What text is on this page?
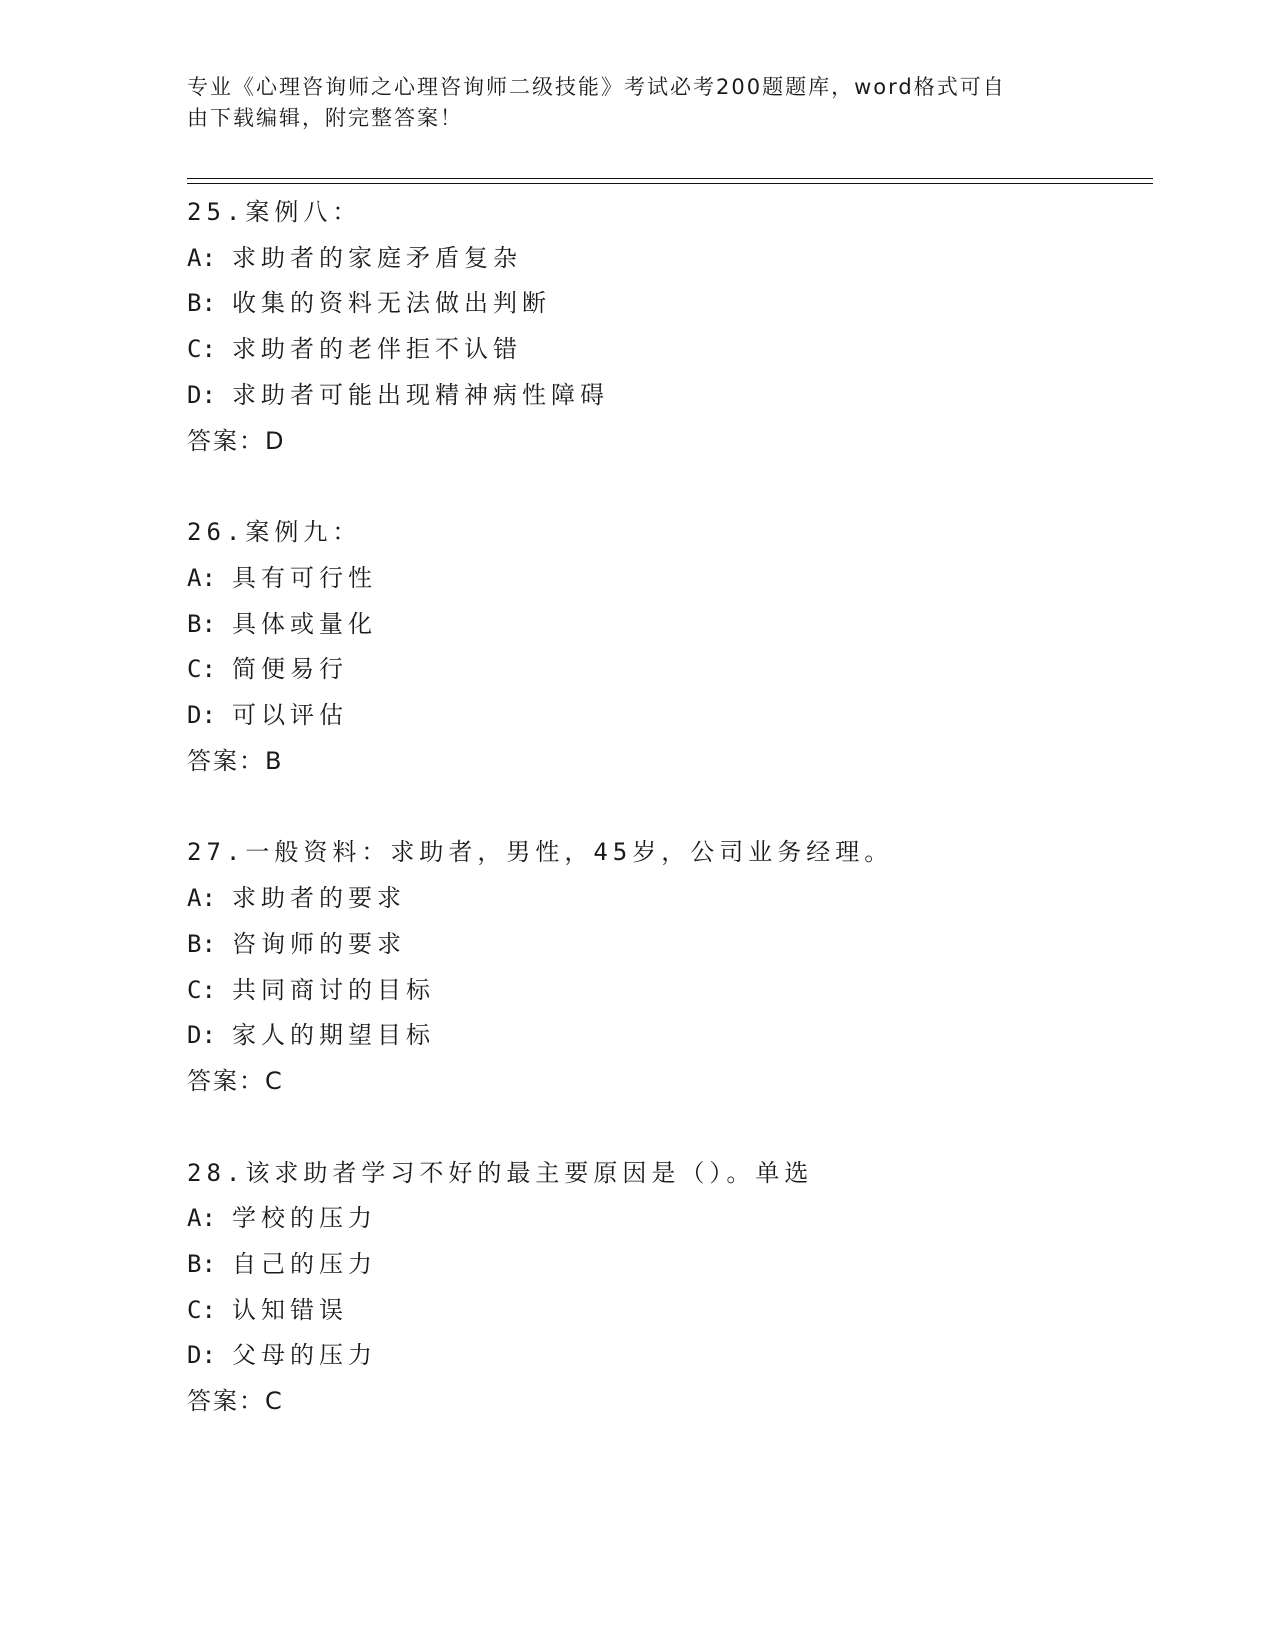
专业《心理咨询师之心理咨询师二级技能》考试必考200题题库，word格式可自
由下载编辑，附完整答案！
25.案例八：
A: 求助者的家庭矛盾复杂
B: 收集的资料无法做出判断
C: 求助者的老伴拒不认错
D: 求助者可能出现精神病性障碍
答案：D
26.案例九：
A: 具有可行性
B: 具体或量化
C: 简便易行
D: 可以评估
答案：B
27.一般资料：求助者，男性，45岁，公司业务经理。
A: 求助者的要求
B: 咨询师的要求
C: 共同商讨的目标
D: 家人的期望目标
答案：C
28.该求助者学习不好的最主要原因是（）。单选
A: 学校的压力
B: 自己的压力
C: 认知错误
D: 父母的压力
答案：C
